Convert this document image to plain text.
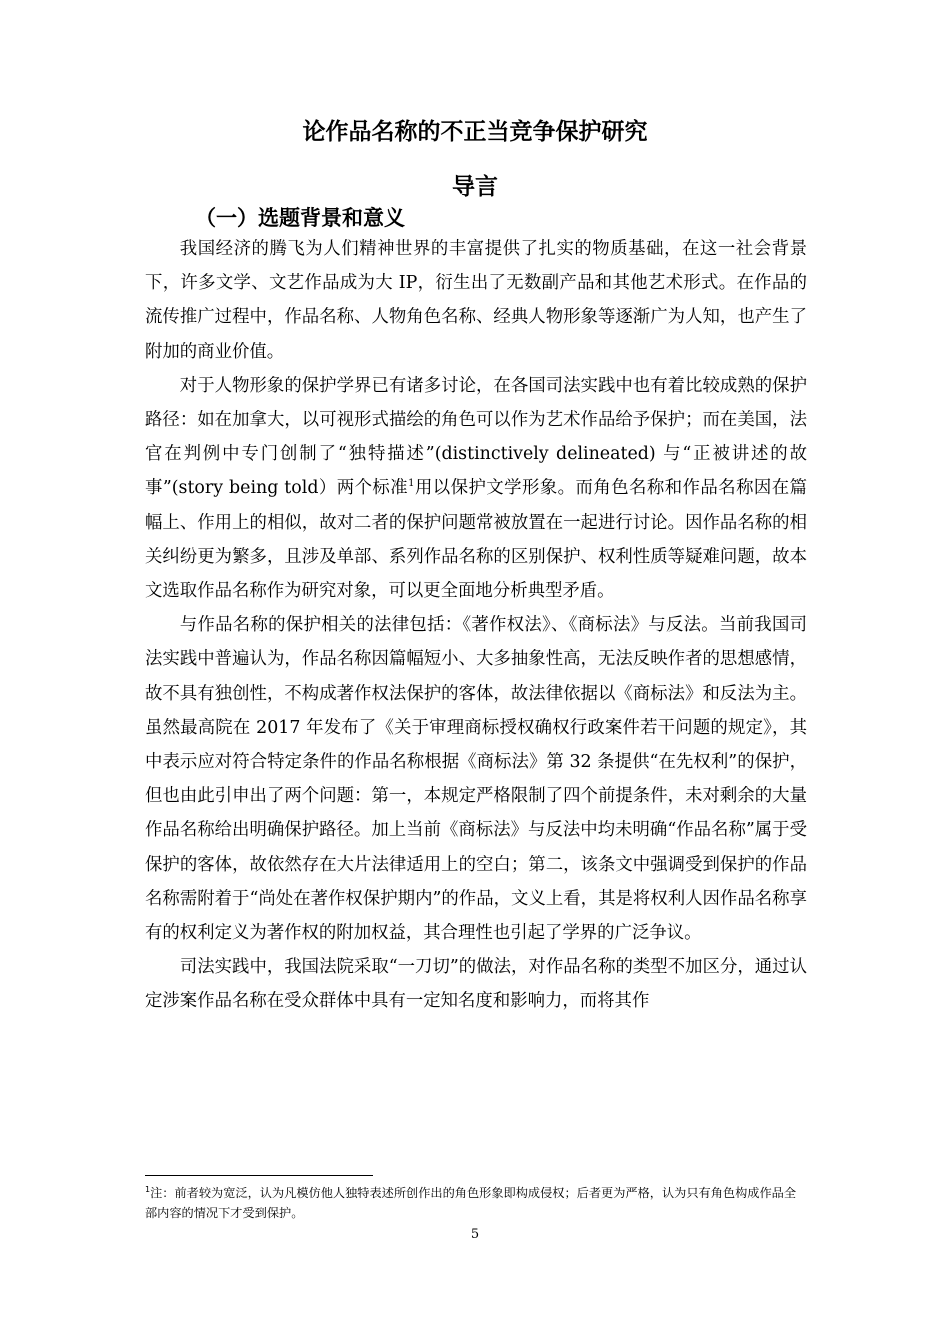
论作品名称的不正当竞争保护研究
导言
（一）选题背景和意义

我国经济的腾飞为人们精神世界的丰富提供了扎实的物质基础，在这一社会背景下，许多文学、文艺作品成为大 IP，衍生出了无数副产品和其他艺术形式。在作品的流传推广过程中，作品名称、人物角色名称、经典人物形象等逐渐广为人知，也产生了附加的商业价值。

对于人物形象的保护学界已有诸多讨论，在各国司法实践中也有着比较成熟的保护路径：如在加拿大，以可视形式描绘的角色可以作为艺术作品给予保护；而在美国，法官在判例中专门创制了“独特描述”(distinctively delineated) 与“正被讲述的故事”(story being told）两个标准$^1$用以保护文学形象。而角色名称和作品名称因在篇幅上、作用上的相似，故对二者的保护问题常被放置在一起进行讨论。因作品名称的相关纠纷更为繁多，且涉及单部、系列作品名称的区别保护、权利性质等疑难问题，故本文选取作品名称作为研究对象，可以更全面地分析典型矛盾。

与作品名称的保护相关的法律包括：《著作权法》、《商标法》与反法。当前我国司法实践中普遍认为，作品名称因篇幅短小、大多抽象性高，无法反映作者的思想感情，故不具有独创性，不构成著作权法保护的客体，故法律依据以《商标法》和反法为主。虽然最高院在 2017 年发布了《关于审理商标授权确权行政案件若干问题的规定》，其中表示应对符合特定条件的作品名称根据《商标法》第 32 条提供“在先权利”的保护，但也由此引申出了两个问题：第一，本规定严格限制了四个前提条件，未对剩余的大量作品名称给出明确保护路径。加上当前《商标法》与反法中均未明确“作品名称”属于受保护的客体，故依然存在大片法律适用上的空白；第二，该条文中强调受到保护的作品名称需附着于“尚处在著作权保护期内”的作品，文义上看，其是将权利人因作品名称享有的权利定义为著作权的附加权益，其合理性也引起了学界的广泛争议。

司法实践中，我国法院采取“一刀切”的做法，对作品名称的类型不加区分，通过认定涉案作品名称在受众群体中具有一定知名度和影响力，而将其作

$^1$注：前者较为宽泛，认为凡模仿他人独特表述所创作出的角色形象即构成侵权；后者更为严格，认为只有角色构成作品全部内容的情况下才受到保护。

5
